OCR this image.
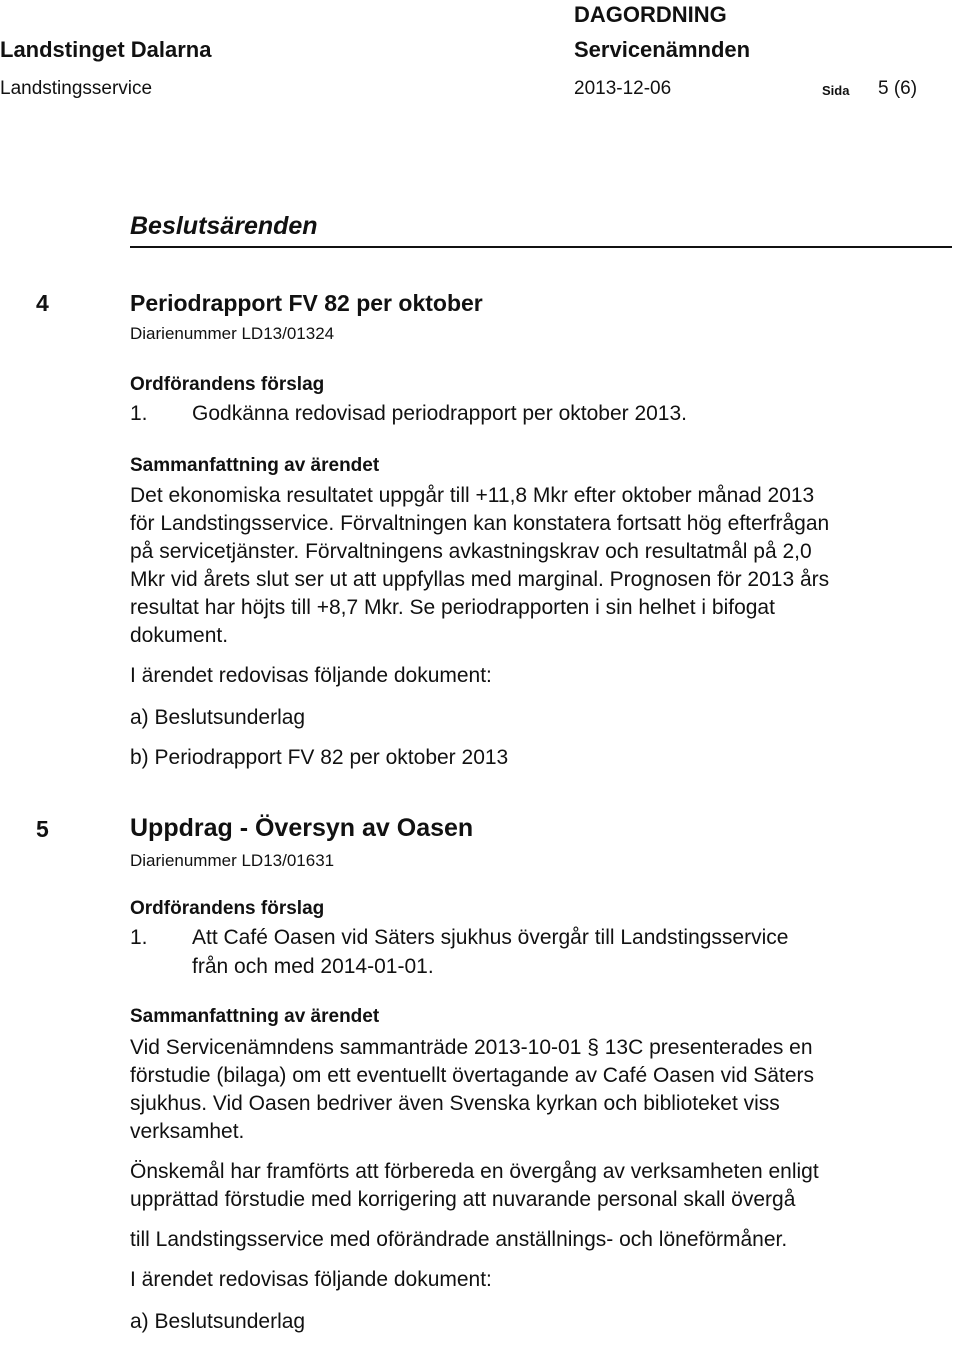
Landstinget Dalarna
Landstingsservice
DAGORDNING
Servicenämnden
2013-12-06	Sida 5 (6)
Beslutsärenden
4	Periodrapport FV 82 per oktober
Diarienummer LD13/01324
Ordförandens förslag
1. Godkänna redovisad periodrapport per oktober 2013.
Sammanfattning av ärendet
Det ekonomiska resultatet uppgår till +11,8 Mkr efter oktober månad 2013
för Landstingsservice. Förvaltningen kan konstatera fortsatt hög efterfrågan
på servicetjänster. Förvaltningens avkastningskrav och resultatmål på 2,0
Mkr vid årets slut ser ut att uppfyllas med marginal. Prognosen för 2013 års
resultat har höjts till +8,7 Mkr. Se periodrapporten i sin helhet i bifogat
dokument.
I ärendet redovisas följande dokument:
a) Beslutsunderlag
b) Periodrapport FV 82 per oktober 2013
5	Uppdrag - Översyn av Oasen
Diarienummer LD13/01631
Ordförandens förslag
1. Att Café Oasen vid Säters sjukhus övergår till Landstingsservice
från och med 2014-01-01.
Sammanfattning av ärendet
Vid Servicenämndens sammanträde 2013-10-01 § 13C presenterades en
förstudie (bilaga) om ett eventuellt övertagande av Café Oasen vid Säters
sjukhus. Vid Oasen bedriver även Svenska kyrkan och biblioteket viss
verksamhet.
Önskemål har framförts att förbereda en övergång av verksamheten enligt
upprättad förstudie med korrigering att nuvarande personal skall övergå
till Landstingsservice med oförändrade anställnings- och löneförmåner.
I ärendet redovisas följande dokument:
a) Beslutsunderlag
